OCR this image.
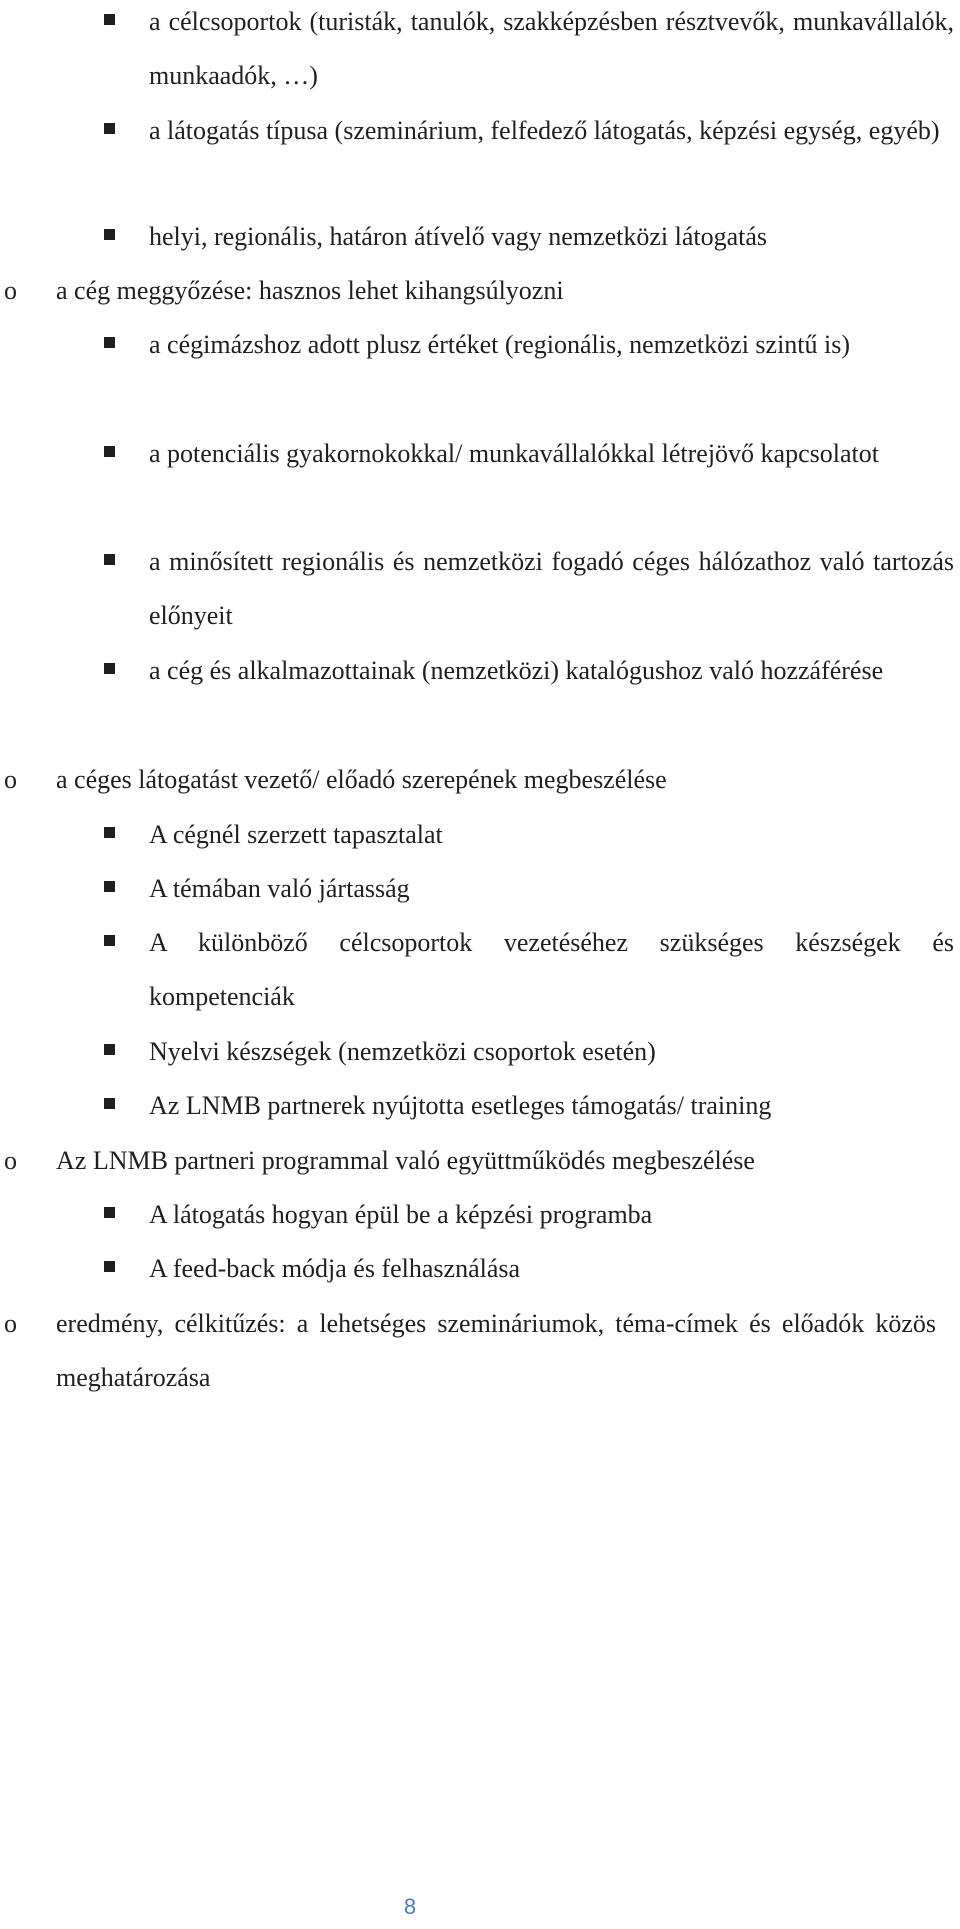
a célcsoportok (turisták, tanulók, szakképzésben résztvevők, munkavállalók, munkaadók, …)
a látogatás típusa (szeminárium, felfedező látogatás, képzési egység, egyéb)
helyi, regionális, határon átívelő vagy nemzetközi látogatás
o a cég meggyőzése: hasznos lehet kihangsúlyozni
a cégimázshoz adott plusz értéket (regionális, nemzetközi szintű is)
a potenciális gyakornokokkal/ munkavállalókkal létrejövő kapcsolatot
a minősített regionális és nemzetközi fogadó céges hálózathoz való tartozás előnyeit
a cég és alkalmazottainak (nemzetközi) katalógushoz való hozzáférése
o a céges látogatást vezető/ előadó szerepének megbeszélése
A cégnél szerzett tapasztalat
A témában való jártasság
A különböző célcsoportok vezetéséhez szükséges készségek és kompetenciák
Nyelvi készségek (nemzetközi csoportok esetén)
Az LNMB partnerek nyújtotta esetleges támogatás/ training
o Az LNMB partneri programmal való együttműködés megbeszélése
A látogatás hogyan épül be a képzési programba
A feed-back módja és felhasználása
o eredmény, célkitűzés: a lehetséges szemináriumok, téma-címek és előadók közös meghatározása
8
